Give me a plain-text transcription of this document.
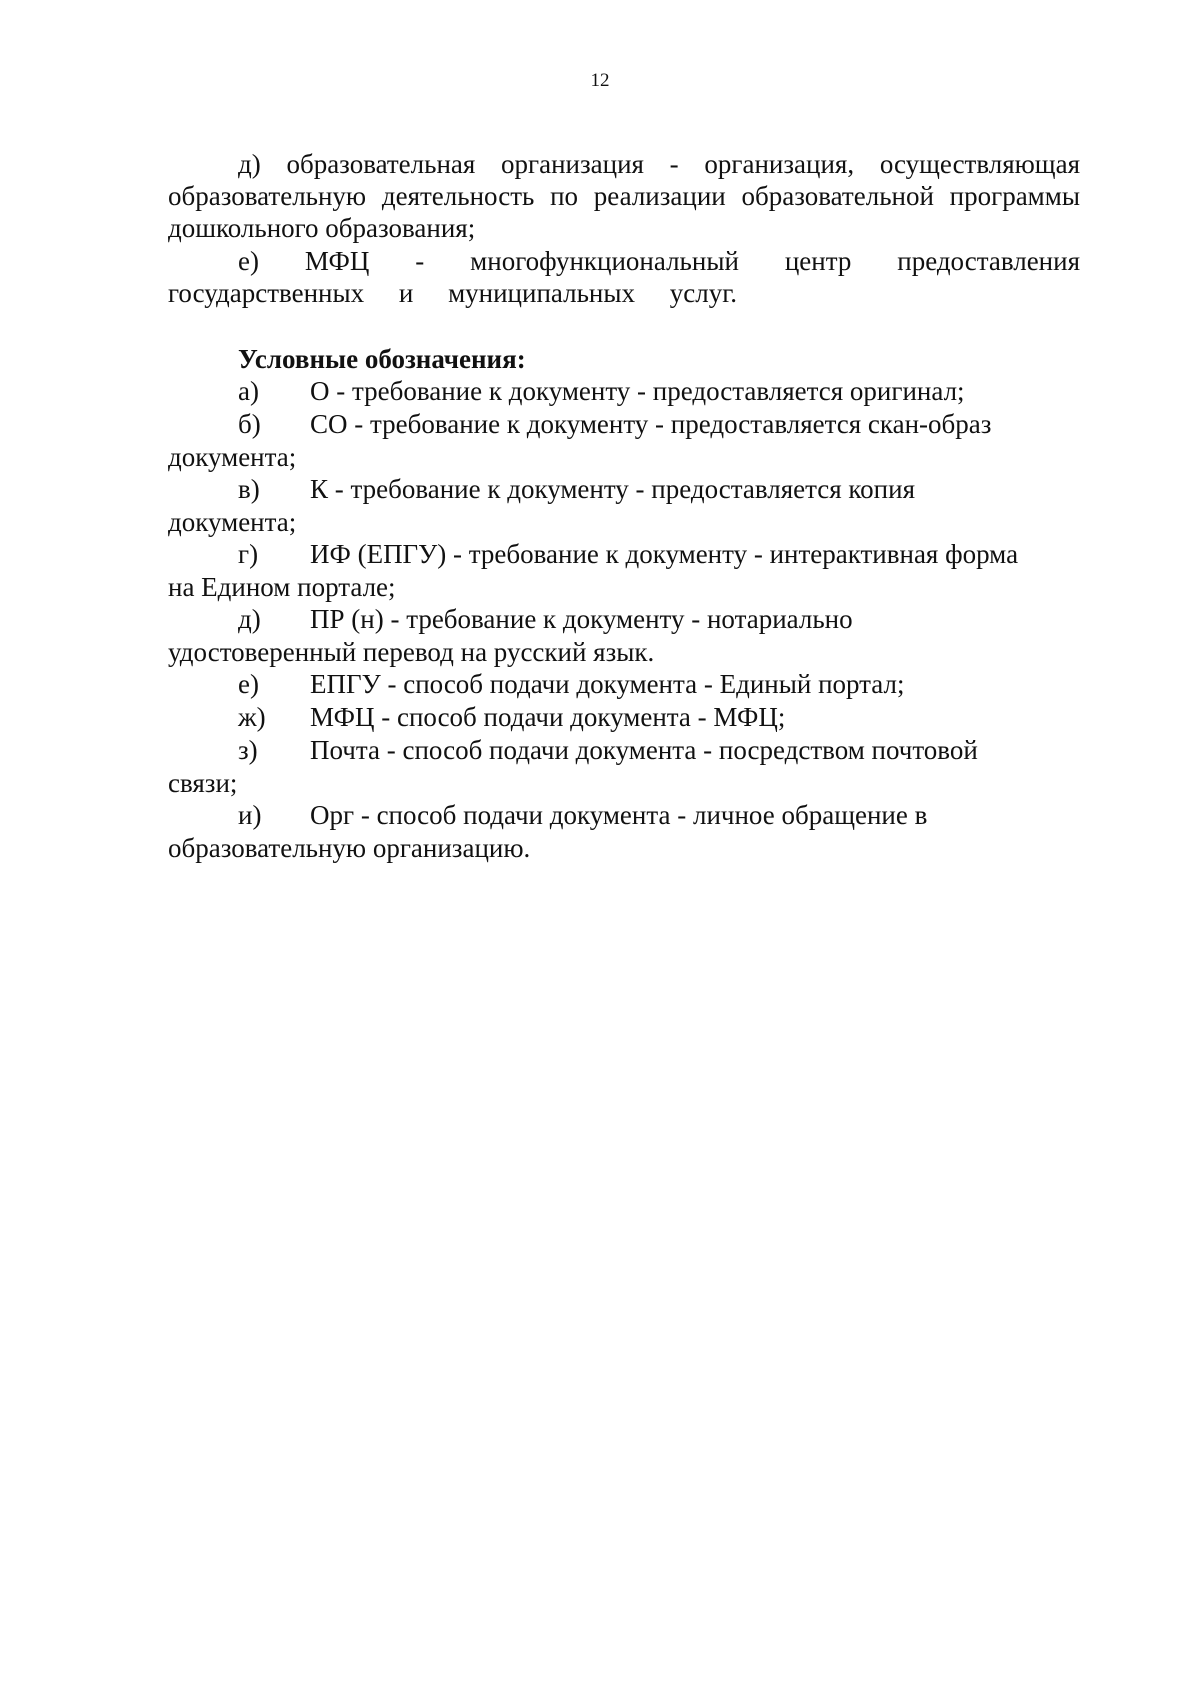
12

д) образовательная организация - организация, осуществляющая образовательную деятельность по реализации образовательной программы дошкольного образования;

е) МФЦ - многофункциональный центр предоставления государственных и муниципальных услуг.

Условные обозначения:

а)	О - требование к документу - предоставляется оригинал;
б)	СО - требование к документу - предоставляется скан-образ
документа;
в)	К - требование к документу - предоставляется копия
документа;
г)	ИФ (ЕПГУ) - требование к документу - интерактивная форма
на Едином портале;
д)	ПР (н) - требование к документу - нотариально
удостоверенный перевод на русский язык.
е)	ЕПГУ - способ подачи документа - Единый портал;
ж)	МФЦ - способ подачи документа - МФЦ;
з)	Почта - способ подачи документа - посредством почтовой
связи;
и)	Орг - способ подачи документа - личное обращение в
образовательную организацию.
